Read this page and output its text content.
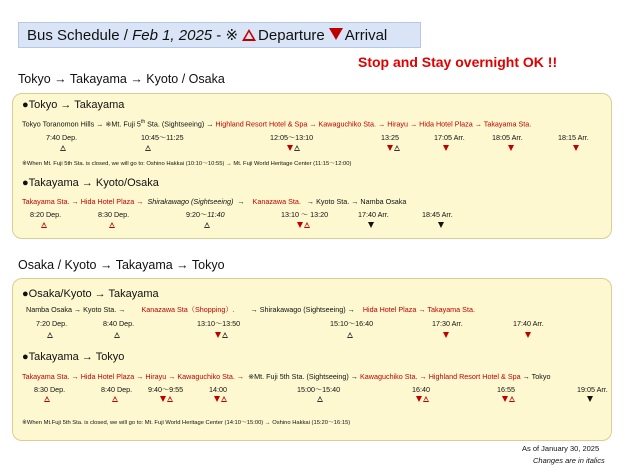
Bus Schedule / Feb 1, 2025 - ※ Departure Arrival
Stop and Stay overnight OK !!
Tokyo → Takayama → Kyoto / Osaka
●Tokyo → Takayama
Tokyo Toranomon Hills → ※Mt. Fuji 5th Sta. (Sightseeing) → Highland Resort Hotel & Spa → Kawaguchiko Sta. → Hirayu → Hida Hotel Plaza → Takayama Sta.
7:40 Dep.	10:45～11:25	12:05～13:10	13:25	17:05 Arr.	18:05 Arr.	18:15 Arr.
※When Mt. Fuji 5th Sta. is closed, we will go to: Oshino Hakkai (10:10～10:55) → Mt. Fuji World Heritage Center (11:15～12:00)
●Takayama → Kyoto/Osaka
Takayama Sta. → Hida Hotel Plaza → Shirakawago (Sightseeing) → Kanazawa Sta. → Kyoto Sta. → Namba Osaka
8:20 Dep.	8:30 Dep.	9:20～11:40	13:10 ～ 13:20	17:40 Arr.	18:45 Arr.
Osaka / Kyoto → Takayama → Tokyo
●Osaka/Kyoto → Takayama
Namba Osaka → Kyoto Sta. → Kanazawa Sta（Shopping）. → Shirakawago (Sightseeing) → Hida Hotel Plaza → Takayama Sta.
7:20 Dep.	8:40 Dep.	13:10～13:50	15:10～16:40	17:30 Arr.	17:40 Arr.
●Takayama → Tokyo
Takayama Sta. → Hida Hotel Plaza → Hirayu → Kawaguchiko Sta. → ※Mt. Fuji 5th Sta. (Sightseeing) → Kawaguchiko Sta. → Highland Resort Hotel & Spa → Tokyo
8:30 Dep.	8:40 Dep. 9:40～9:55	14:00	15:00～15:40	16:40	16:55	19:05 Arr.
※When Mt.Fuji 5th Sta. is closed, we will go to: Mt. Fuji World Heritage Center (14:10～15:00) → Oshino Hakkai (15:20～16:15)
As of January 30, 2025
Changes are in italics
